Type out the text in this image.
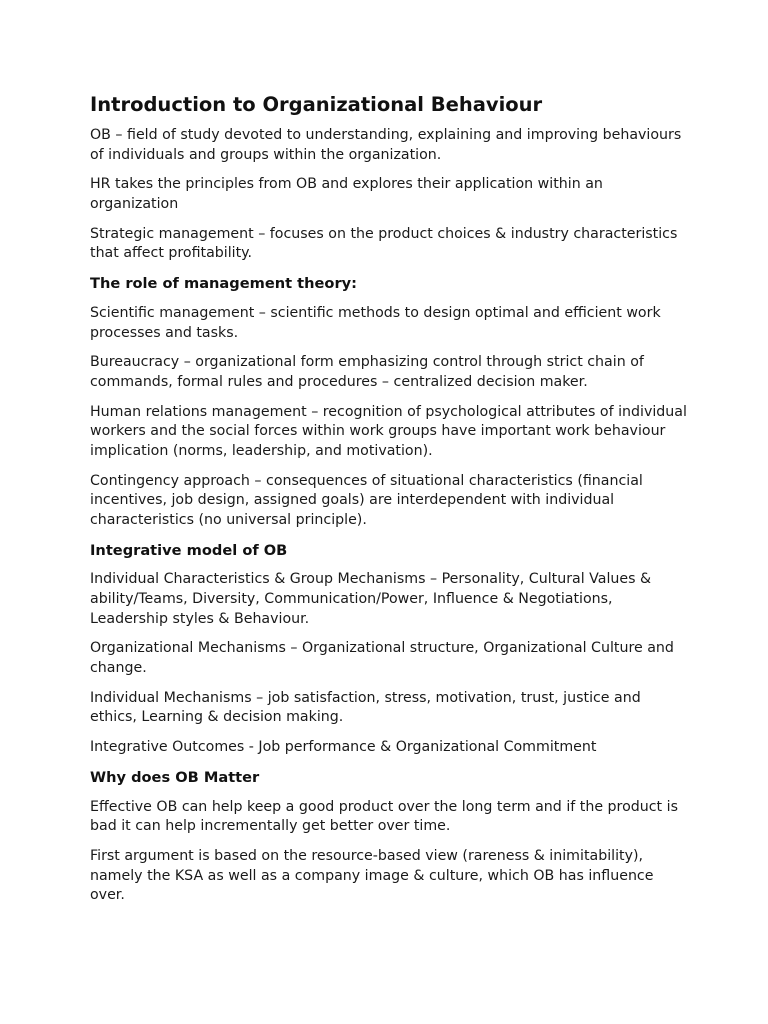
Introduction to Organizational Behaviour

OB – field of study devoted to understanding, explaining and improving behaviours of individuals and groups within the organization.

HR takes the principles from OB and explores their application within an organization

Strategic management – focuses on the product choices & industry characteristics that affect profitability.

The role of management theory:

Scientific management – scientific methods to design optimal and efficient work processes and tasks.

Bureaucracy – organizational form emphasizing control through strict chain of commands, formal rules and procedures – centralized decision maker.

Human relations management – recognition of psychological attributes of individual workers and the social forces within work groups have important work behaviour implication (norms, leadership, and motivation).

Contingency approach – consequences of situational characteristics (financial incentives, job design, assigned goals) are interdependent with individual characteristics (no universal principle).

Integrative model of OB

Individual Characteristics & Group Mechanisms – Personality, Cultural Values & ability/Teams, Diversity, Communication/Power, Influence & Negotiations, Leadership styles & Behaviour.

Organizational Mechanisms – Organizational structure, Organizational Culture and change.

Individual Mechanisms – job satisfaction, stress, motivation, trust, justice and ethics, Learning & decision making.

Integrative Outcomes - Job performance & Organizational Commitment

Why does OB Matter

Effective OB can help keep a good product over the long term and if the product is bad it can help incrementally get better over time.

First argument is based on the resource-based view (rareness & inimitability), namely the KSA as well as a company image & culture, which OB has influence over.
